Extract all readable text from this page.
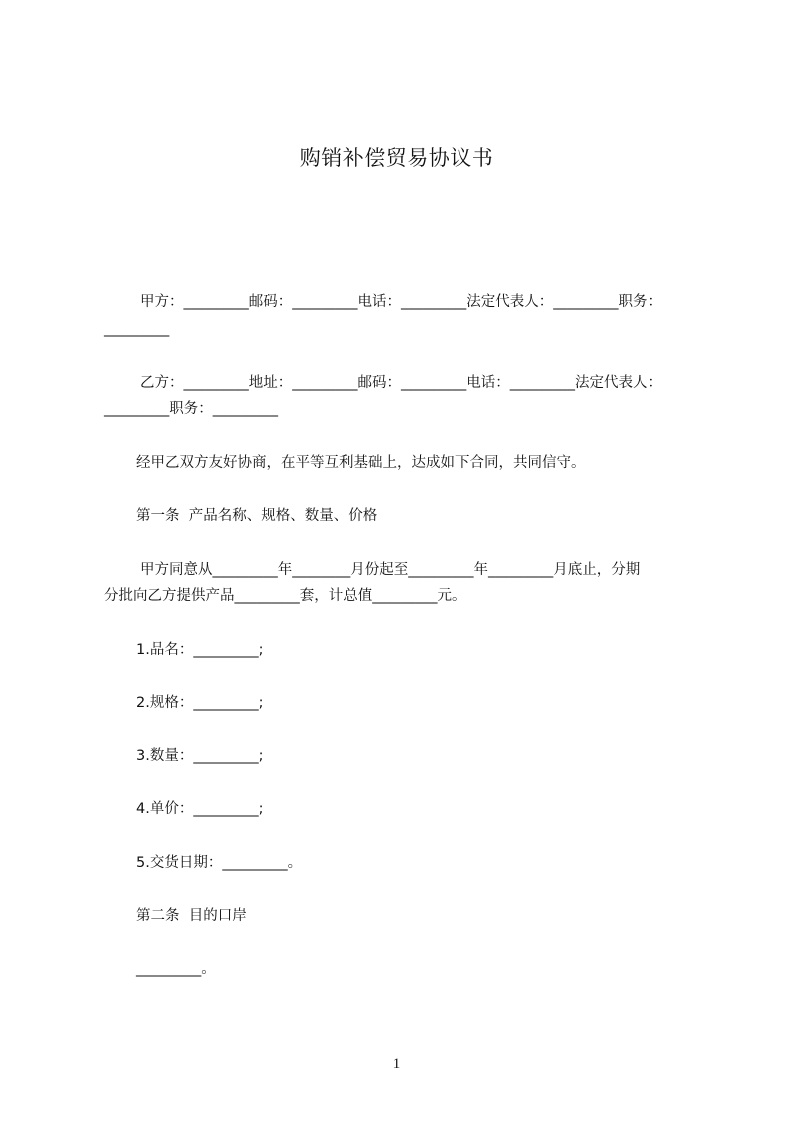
购销补偿贸易协议书
甲方：_________邮码：_________电话：_________法定代表人：_________职务：
_________
乙方：_________地址：_________邮码：_________电话：_________法定代表人：
_________职务：_________
经甲乙双方友好协商，在平等互利基础上，达成如下合同，共同信守。
第一条  产品名称、规格、数量、价格
甲方同意从_________年________月份起至_________年_________月底止，分期
分批向乙方提供产品_________套，计总值_________元。
1.品名：_________;
2.规格：_________;
3.数量：_________;
4.单价：_________;
5.交货日期：_________。
第二条  目的口岸
_________。
1
